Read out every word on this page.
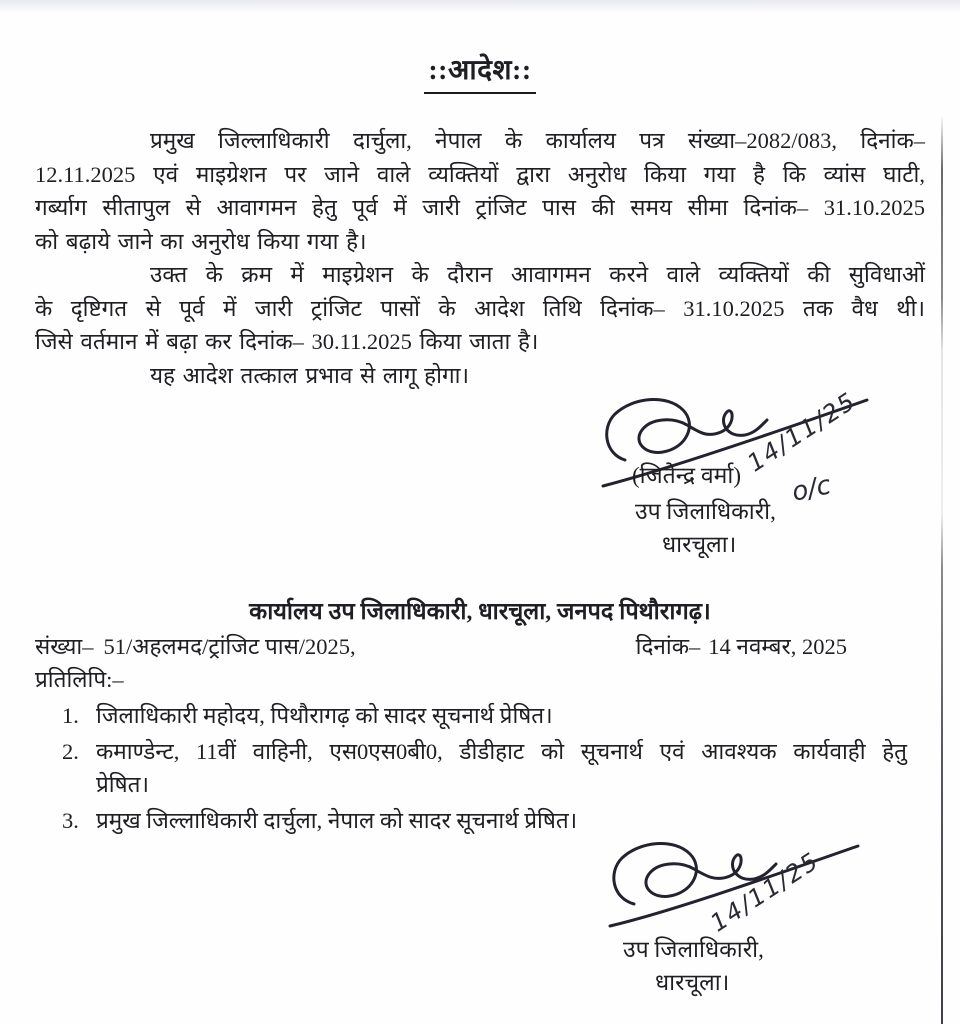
::आदेश::
प्रमुख जिल्लाधिकारी दार्चुला, नेपाल के कार्यालय पत्र संख्या–2082/083, दिनांक–
12.11.2025 एवं माइग्रेशन पर जाने वाले व्यक्तियों द्वारा अनुरोध किया गया है कि व्यांस घाटी,
गर्ब्याग सीतापुल से आवागमन हेतु पूर्व में जारी ट्रांजिट पास की समय सीमा दिनांक– 31.10.2025
को बढ़ाये जाने का अनुरोध किया गया है।
उक्त के क्रम में माइग्रेशन के दौरान आवागमन करने वाले व्यक्तियों की सुविधाओं
के दृष्टिगत से पूर्व में जारी ट्रांजिट पासों के आदेश तिथि दिनांक– 31.10.2025 तक वैध थी।
जिसे वर्तमान में बढ़ा कर दिनांक– 30.11.2025 किया जाता है।
यह आदेश तत्काल प्रभाव से लागू होगा।
14/11/25
o/c
(जितेन्द्र वर्मा)
उप जिलाधिकारी,
धारचूला।
कार्यालय उप जिलाधिकारी, धारचूला, जनपद पिथौरागढ़।
संख्या– 51/अहलमद/ट्रांजिट पास/2025,	दिनांक– 14 नवम्बर, 2025
प्रतिलिपि:–
1. जिलाधिकारी महोदय, पिथौरागढ़ को सादर सूचनार्थ प्रेषित।
2. कमाण्डेन्ट, 11वीं वाहिनी, एस0एस0बी0, डीडीहाट को सूचनार्थ एवं आवश्यक कार्यवाही हेतु
प्रेषित।
3. प्रमुख जिल्लाधिकारी दार्चुला, नेपाल को सादर सूचनार्थ प्रेषित।
14/11/25
उप जिलाधिकारी,
धारचूला।
